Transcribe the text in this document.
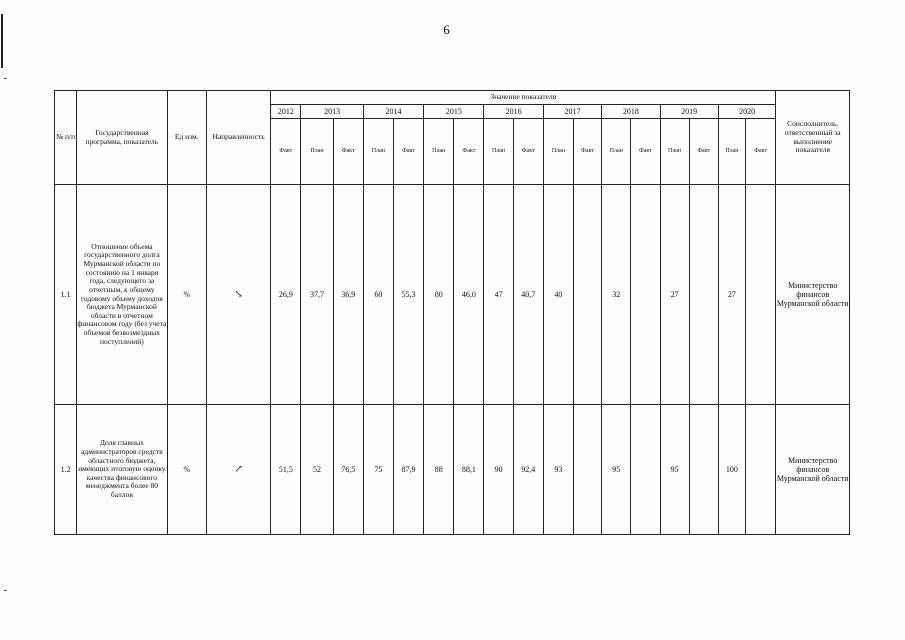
6
№ п/п	Государственная программа, показатель	Ед изм.	Направленность	Значение показателя																	Соисполнитель, ответственный за выполнение показателя
				2012	2013		2014		2015		2016		2017		2018		2019		2020		
				Факт	План	Факт	План	Факт	План	Факт	План	Факт	План	Факт	План	Факт	План	Факт	План	Факт	
1.1	Отношение объема государственного долга Мурманской области по состоянию на 1 января года, следующего за отчетным, к общему годовому объему доходов бюджета Мурманской области в отчетном финансовом году (без учета объемов безвозмездных поступлений)	%	↘	26,9	37,7	36,9	60	55,3	80	46,0	47	40,7	40		32		27		27		Министерство финансов Мурманской области
1.2	Доля главных администраторов средств областного бюджета, имеющих итоговую оценку качества финансового менеджмента более 80 баллов	%	↗	51,5	52	76,5	75	87,9	88	88,1	90	92,4	93		95		95		100		Министерство финансов Мурманской области
